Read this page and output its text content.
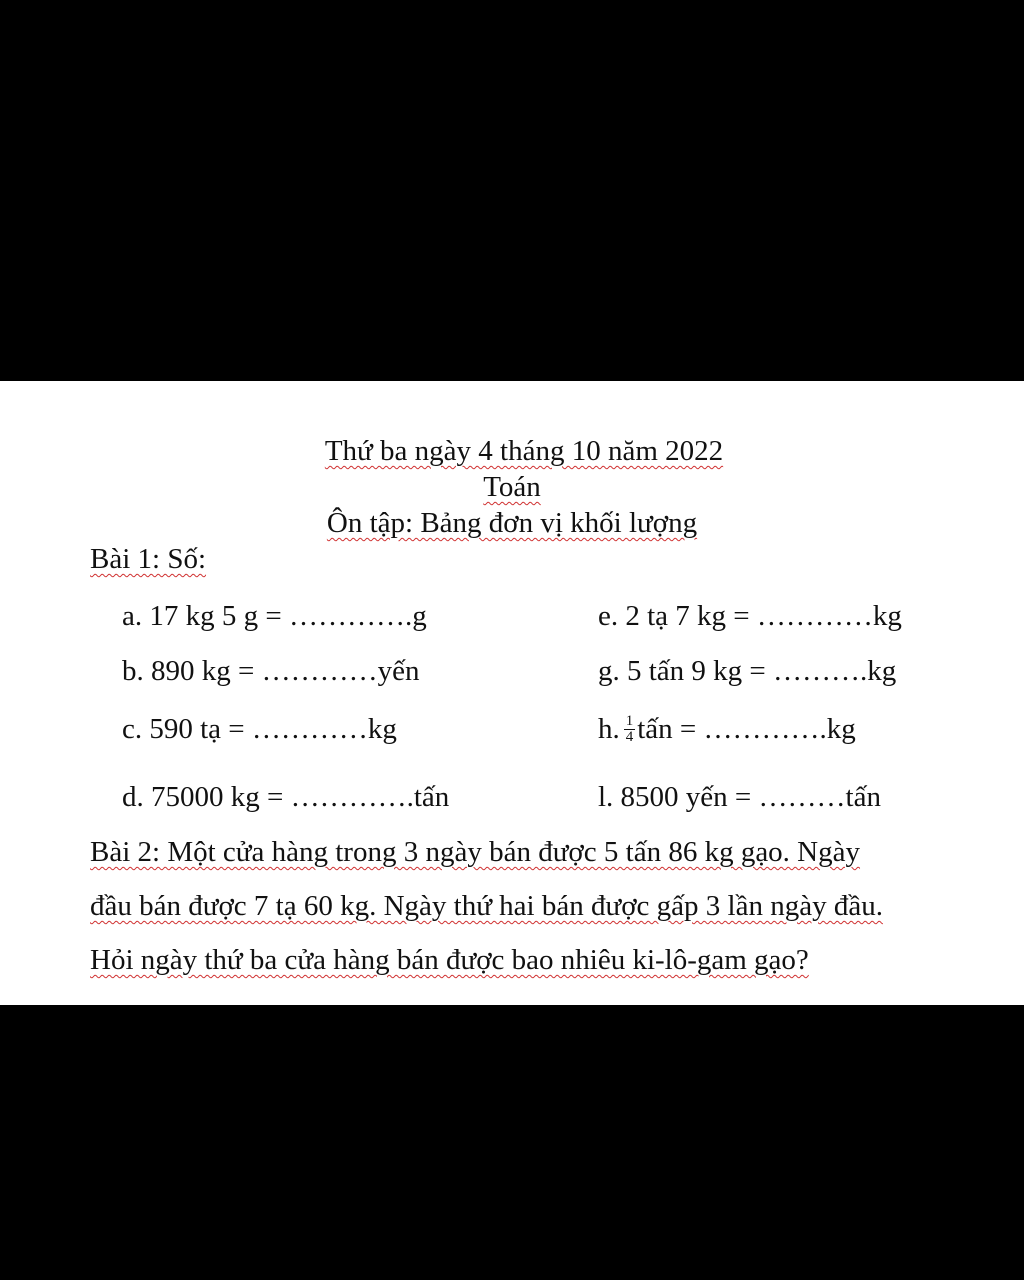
Thứ ba ngày 4 tháng 10 năm 2022
Toán
Ôn tập: Bảng đơn vị khối lượng
Bài 1: Số:
a. 17 kg 5 g = ………….g	e. 2 tạ 7 kg = …………kg
b. 890 kg = …………yến	g. 5 tấn 9 kg = ……….kg
c. 590 tạ = …………kg	h. $\frac{1}{4}$ tấn = ………….kg
d. 75000 kg = ………….tấn	l. 8500 yến = ………tấn
Bài 2: Một cửa hàng trong 3 ngày bán được 5 tấn 86 kg gạo. Ngày
đầu bán được 7 tạ 60 kg. Ngày thứ hai bán được gấp 3 lần ngày đầu.
Hỏi ngày thứ ba cửa hàng bán được bao nhiêu ki-lô-gam gạo?
